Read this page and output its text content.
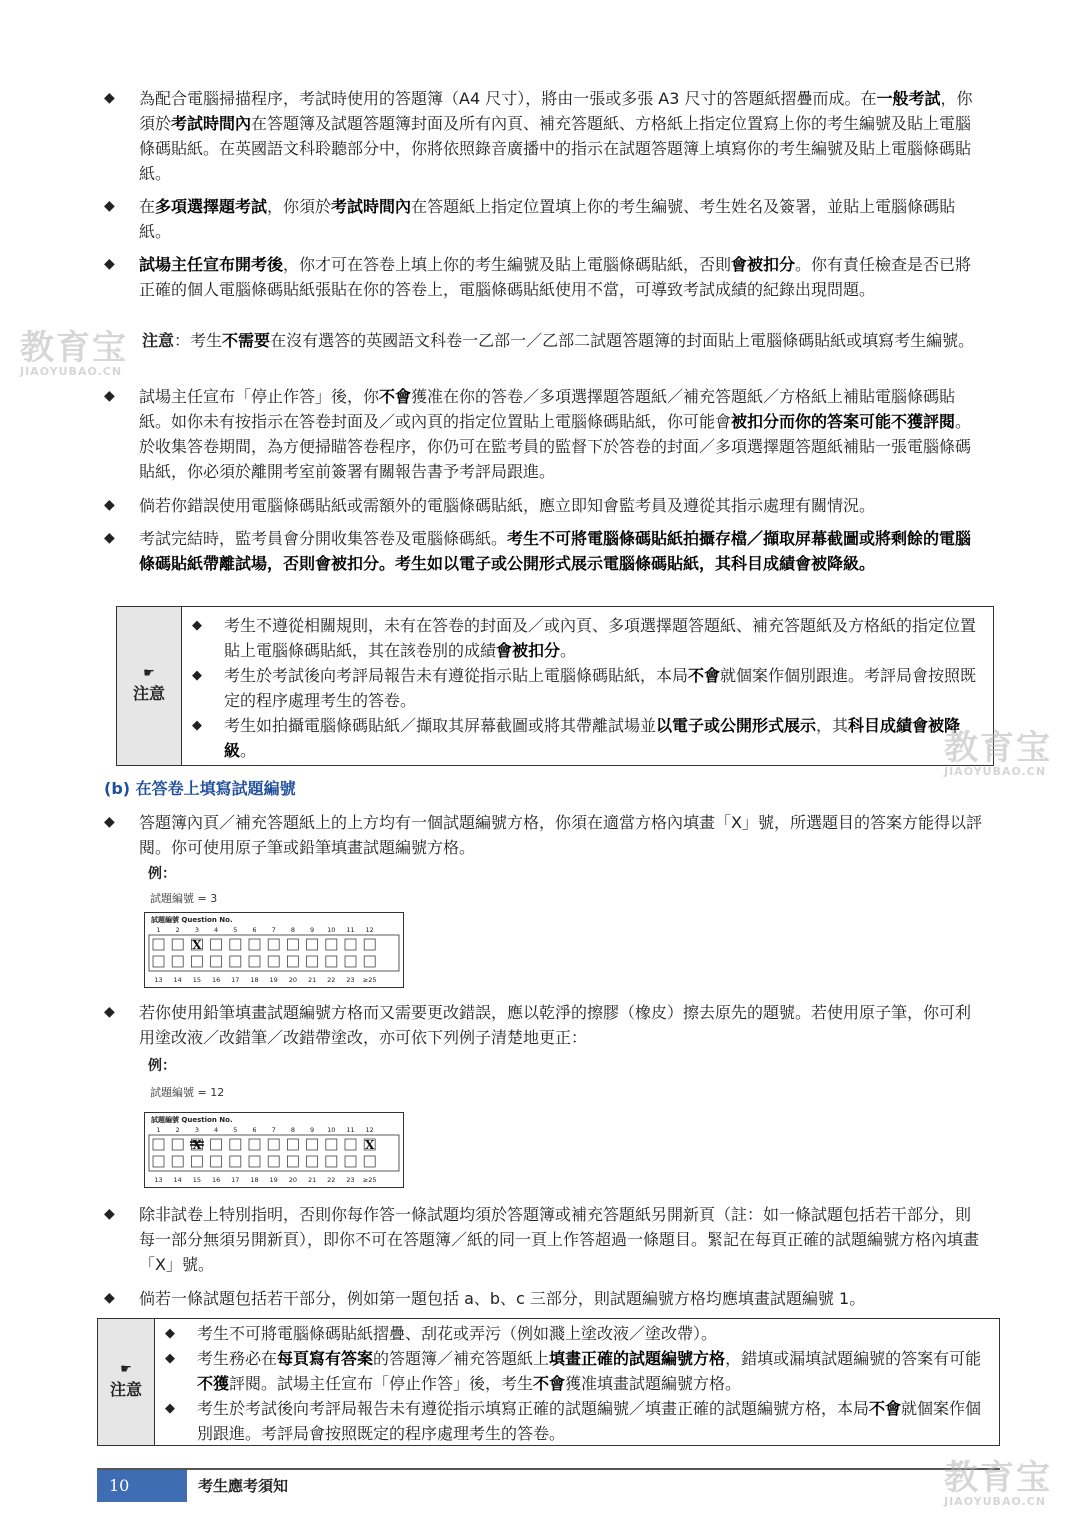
◆	為配合電腦掃描程序，考試時使用的答題簿（A4 尺寸），將由一張或多張 A3 尺寸的答題紙摺疊而成。在一般考試，你須於考試時間內在答題簿及試題答題簿封面及所有內頁、補充答題紙、方格紙上指定位置寫上你的考生編號及貼上電腦條碼貼紙。在英國語文科聆聽部分中，你將依照錄音廣播中的指示在試題答題簿上填寫你的考生編號及貼上電腦條碼貼紙。
◆	在多項選擇題考試，你須於考試時間內在答題紙上指定位置填上你的考生編號、考生姓名及簽署，並貼上電腦條碼貼紙。
◆	試場主任宣布開考後，你才可在答卷上填上你的考生編號及貼上電腦條碼貼紙，否則會被扣分。你有責任檢查是否已將正確的個人電腦條碼貼紙張貼在你的答卷上，電腦條碼貼紙使用不當，可導致考試成績的紀錄出現問題。
注意：考生不需要在沒有選答的英國語文科卷一乙部一／乙部二試題答題簿的封面貼上電腦條碼貼紙或填寫考生編號。
◆	試場主任宣布「停止作答」後，你不會獲准在你的答卷／多項選擇題答題紙／補充答題紙／方格紙上補貼電腦條碼貼紙。如你未有按指示在答卷封面及／或內頁的指定位置貼上電腦條碼貼紙，你可能會被扣分而你的答案可能不獲評閱。於收集答卷期間，為方便掃瞄答卷程序，你仍可在監考員的監督下於答卷的封面／多項選擇題答題紙補貼一張電腦條碼貼紙，你必須於離開考室前簽署有關報告書予考評局跟進。
◆	倘若你錯誤使用電腦條碼貼紙或需額外的電腦條碼貼紙，應立即知會監考員及遵從其指示處理有關情況。
◆	考試完結時，監考員會分開收集答卷及電腦條碼紙。考生不可將電腦條碼貼紙拍攝存檔／擷取屏幕截圖或將剩餘的電腦條碼貼紙帶離試場，否則會被扣分。考生如以電子或公開形式展示電腦條碼貼紙，其科目成績會被降級。
☛
注意
◆ 考生不遵從相關規則，未有在答卷的封面及／或內頁、多項選擇題答題紙、補充答題紙及方格紙的指定位置貼上電腦條碼貼紙，其在該卷別的成績會被扣分。
◆ 考生於考試後向考評局報告未有遵從指示貼上電腦條碼貼紙，本局不會就個案作個別跟進。考評局會按照既定的程序處理考生的答卷。
◆ 考生如拍攝電腦條碼貼紙／擷取其屏幕截圖或將其帶離試場並以電子或公開形式展示，其科目成績會被降級。
(b) 在答卷上填寫試題編號
◆	答題簿內頁／補充答題紙上的上方均有一個試題編號方格，你須在適當方格內填畫「X」號，所選題目的答案方能得以評閱。你可使用原子筆或鉛筆填畫試題編號方格。
例：
試題編號 = 3
試題編號 Question No.
1 2 3 4 5 6 7 8 9 10 11 12
13 14 15 16 17 18 19 20 21 22 23 ≥25
X
◆	若你使用鉛筆填畫試題編號方格而又需要更改錯誤，應以乾淨的擦膠（橡皮）擦去原先的題號。若使用原子筆，你可利用塗改液／改錯筆／改錯帶塗改，亦可依下列例子清楚地更正：
例：
試題編號 = 12
試題編號 Question No.
1 2 3 4 5 6 7 8 9 10 11 12
13 14 15 16 17 18 19 20 21 22 23 ≥25
X	X
◆	除非試卷上特別指明，否則你每作答一條試題均須於答題簿或補充答題紙另開新頁（註：如一條試題包括若干部分，則每一部分無須另開新頁），即你不可在答題簿／紙的同一頁上作答超過一條題目。緊記在每頁正確的試題編號方格內填畫「X」號。
◆	倘若一條試題包括若干部分，例如第一題包括 a、b、c 三部分，則試題編號方格均應填畫試題編號 1。
☛
注意
◆ 考生不可將電腦條碼貼紙摺疊、刮花或弄污（例如濺上塗改液／塗改帶）。
◆ 考生務必在每頁寫有答案的答題簿／補充答題紙上填畫正確的試題編號方格，錯填或漏填試題編號的答案有可能不獲評閱。試場主任宣布「停止作答」後，考生不會獲准填畫試題編號方格。
◆ 考生於考試後向考評局報告未有遵從指示填寫正確的試題編號／填畫正確的試題編號方格，本局不會就個案作個別跟進。考評局會按照既定的程序處理考生的答卷。
10	考生應考須知
教育宝
JIAOYUBAO.CN
教育宝
JIAOYUBAO.CN
教育宝
JIAOYUBAO.CN
